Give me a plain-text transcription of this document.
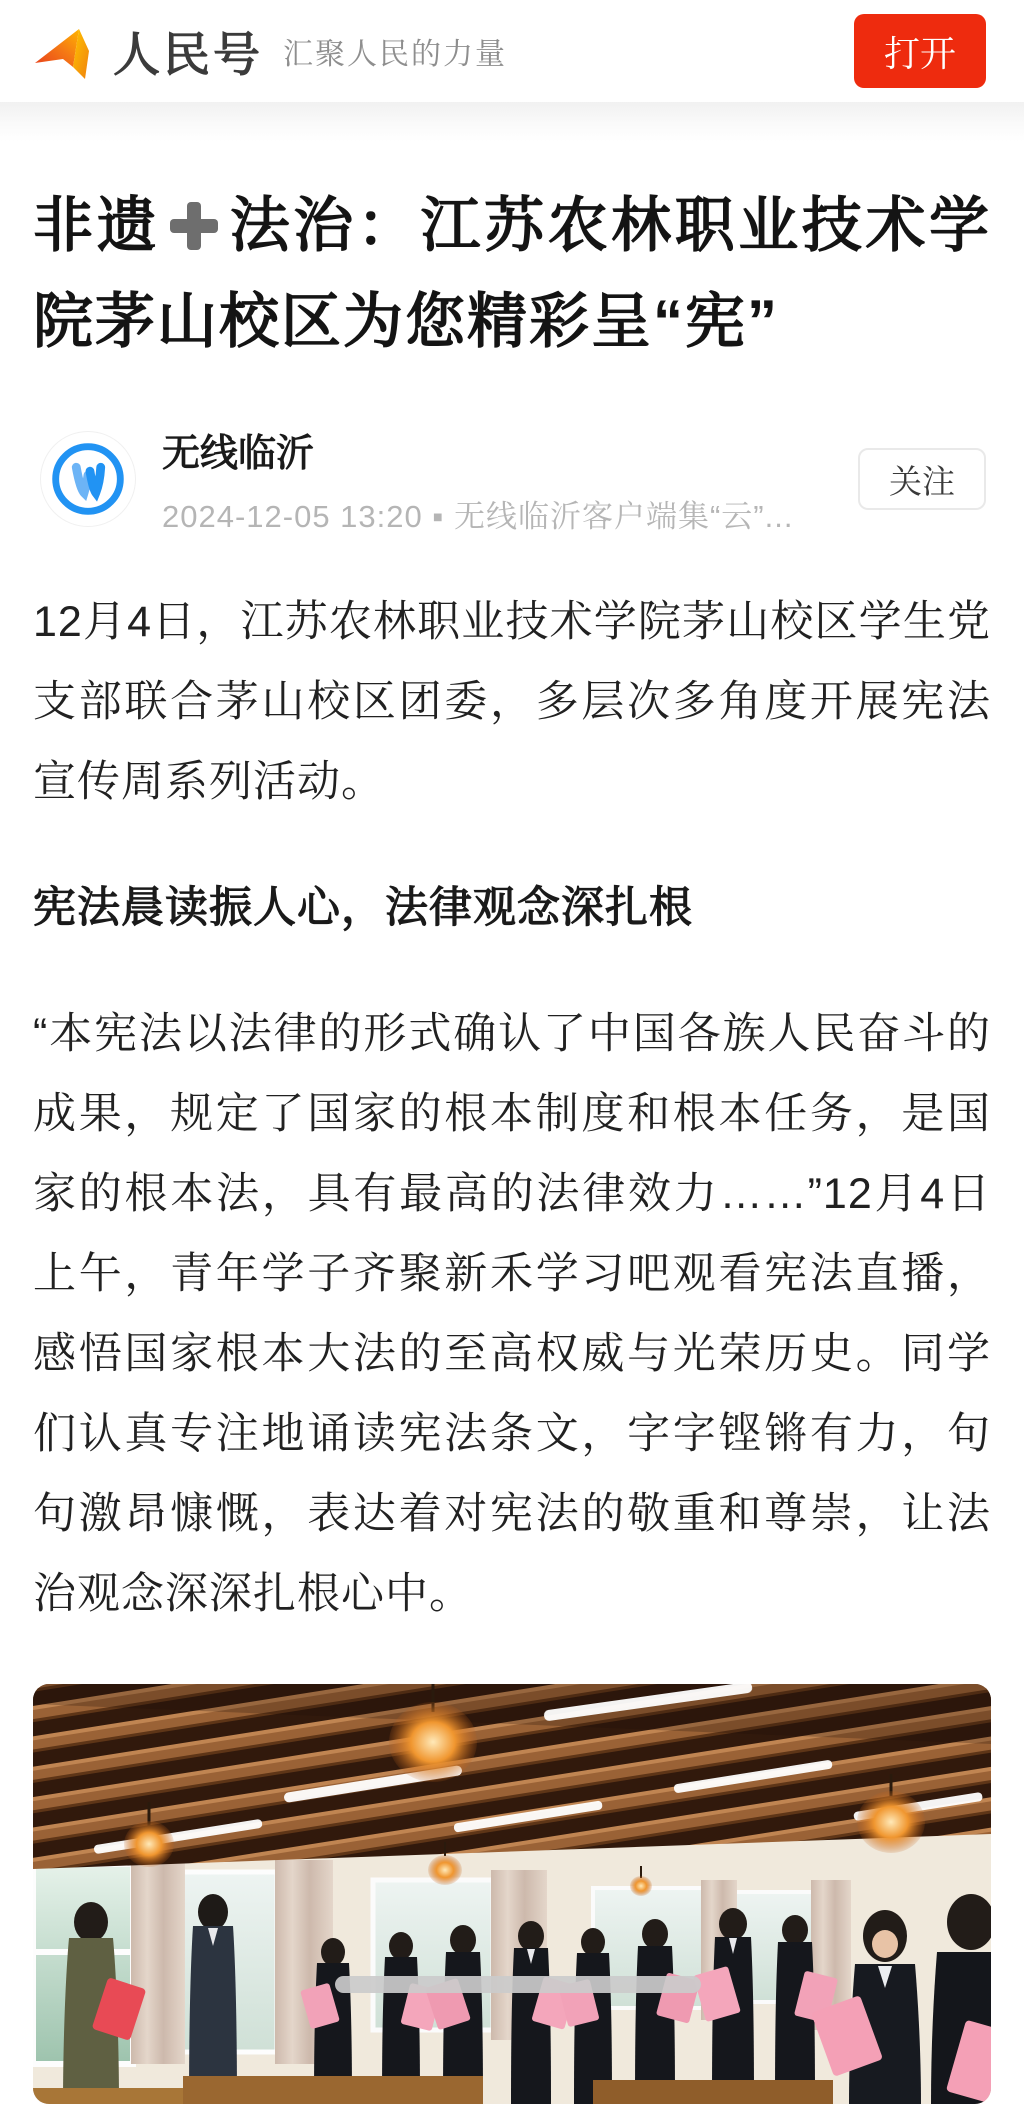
人民号 汇聚人民的力量	打开
非遗 法治：江苏农林职业技术学院茅山校区为您精彩呈“宪”
无线临沂
2024-12-05 13:20 ▪ 无线临沂客户端集“云”...
关注

12月4日，江苏农林职业技术学院茅山校区学生党支部联合茅山校区团委，多层次多角度开展宪法宣传周系列活动。

宪法晨读振人心，法律观念深扎根

“本宪法以法律的形式确认了中国各族人民奋斗的成果，规定了国家的根本制度和根本任务，是国家的根本法，具有最高的法律效力……”12月4日上午，青年学子齐聚新禾学习吧观看宪法直播，感悟国家根本大法的至高权威与光荣历史。同学们认真专注地诵读宪法条文，字字铿锵有力，句句激昂慷慨，表达着对宪法的敬重和尊崇，让法治观念深深扎根心中。
